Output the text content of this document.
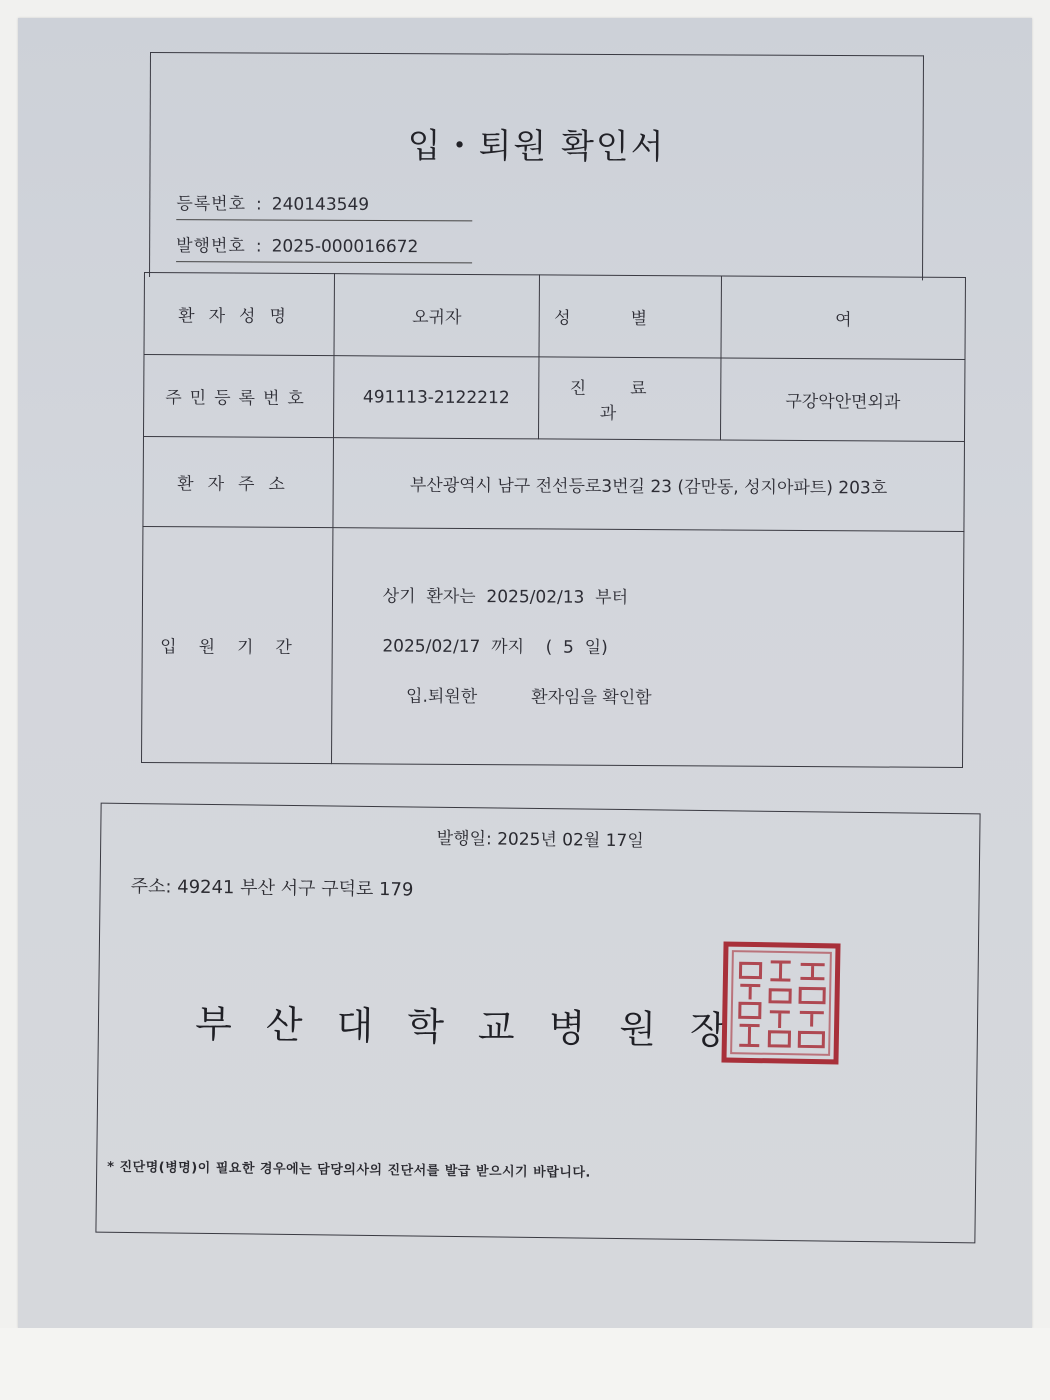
입・퇴원 확인서
등록번호 : 240143549
발행번호 : 2025-000016672
환자성명	오귀자	성별	여
주민등록번호	491113-2122212	진료과	구강악안면외과
환자주소	부산광역시 남구 전선등로3번길 23 (감만동, 성지아파트) 203호		
입원기간	상기  환자는  2025/02/13  부터
2025/02/17  까지    (  5  일)
입.퇴원한          환자임을 확인함		
발행일: 2025년 02월 17일
주소: 49241 부산 서구 구덕로 179
부산대학교병원장
* 진단명(병명)이 필요한 경우에는 담당의사의 진단서를 발급 받으시기 바랍니다.
